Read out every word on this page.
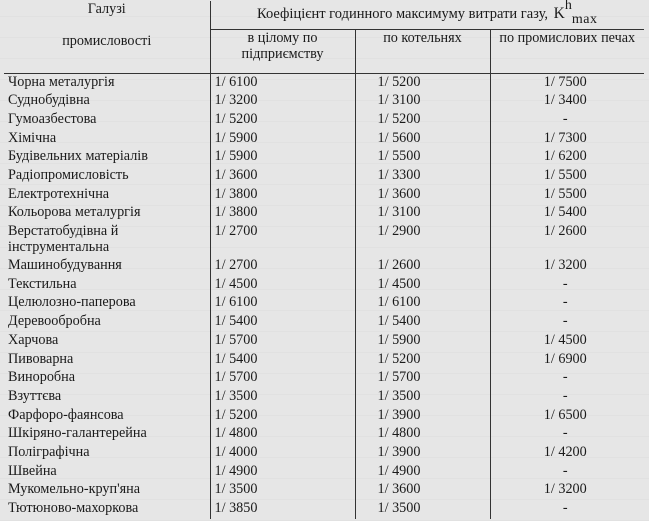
Галузі	Коефіцієнт годинного максимуму витрати газу, $K^h_{max}$
промисловості	в цілому по підприємству	по котельнях	по промислових печах
Чорна металургія	1/ 6100	1/ 5200	1/ 7500
Суднобудівна	1/ 3200	1/ 3100	1/ 3400
Гумоазбестова	1/ 5200	1/ 5200	-
Хімічна	1/ 5900	1/ 5600	1/ 7300
Будівельних матеріалів	1/ 5900	1/ 5500	1/ 6200
Радіопромисловість	1/ 3600	1/ 3300	1/ 5500
Електротехнічна	1/ 3800	1/ 3600	1/ 5500
Кольорова металургія	1/ 3800	1/ 3100	1/ 5400
Верстатобудівна й інструментальна	1/ 2700	1/ 2900	1/ 2600
Машинобудування	1/ 2700	1/ 2600	1/ 3200
Текстильна	1/ 4500	1/ 4500	-
Целюлозно-паперова	1/ 6100	1/ 6100	-
Деревообробна	1/ 5400	1/ 5400	-
Харчова	1/ 5700	1/ 5900	1/ 4500
Пивоварна	1/ 5400	1/ 5200	1/ 6900
Виноробна	1/ 5700	1/ 5700	-
Взуттєва	1/ 3500	1/ 3500	-
Фарфоро-фаянсова	1/ 5200	1/ 3900	1/ 6500
Шкіряно-галантерейна	1/ 4800	1/ 4800	-
Поліграфічна	1/ 4000	1/ 3900	1/ 4200
Швейна	1/ 4900	1/ 4900	-
Мукомельно-круп'яна	1/ 3500	1/ 3600	1/ 3200
Тютюново-махоркова	1/ 3850	1/ 3500	-
